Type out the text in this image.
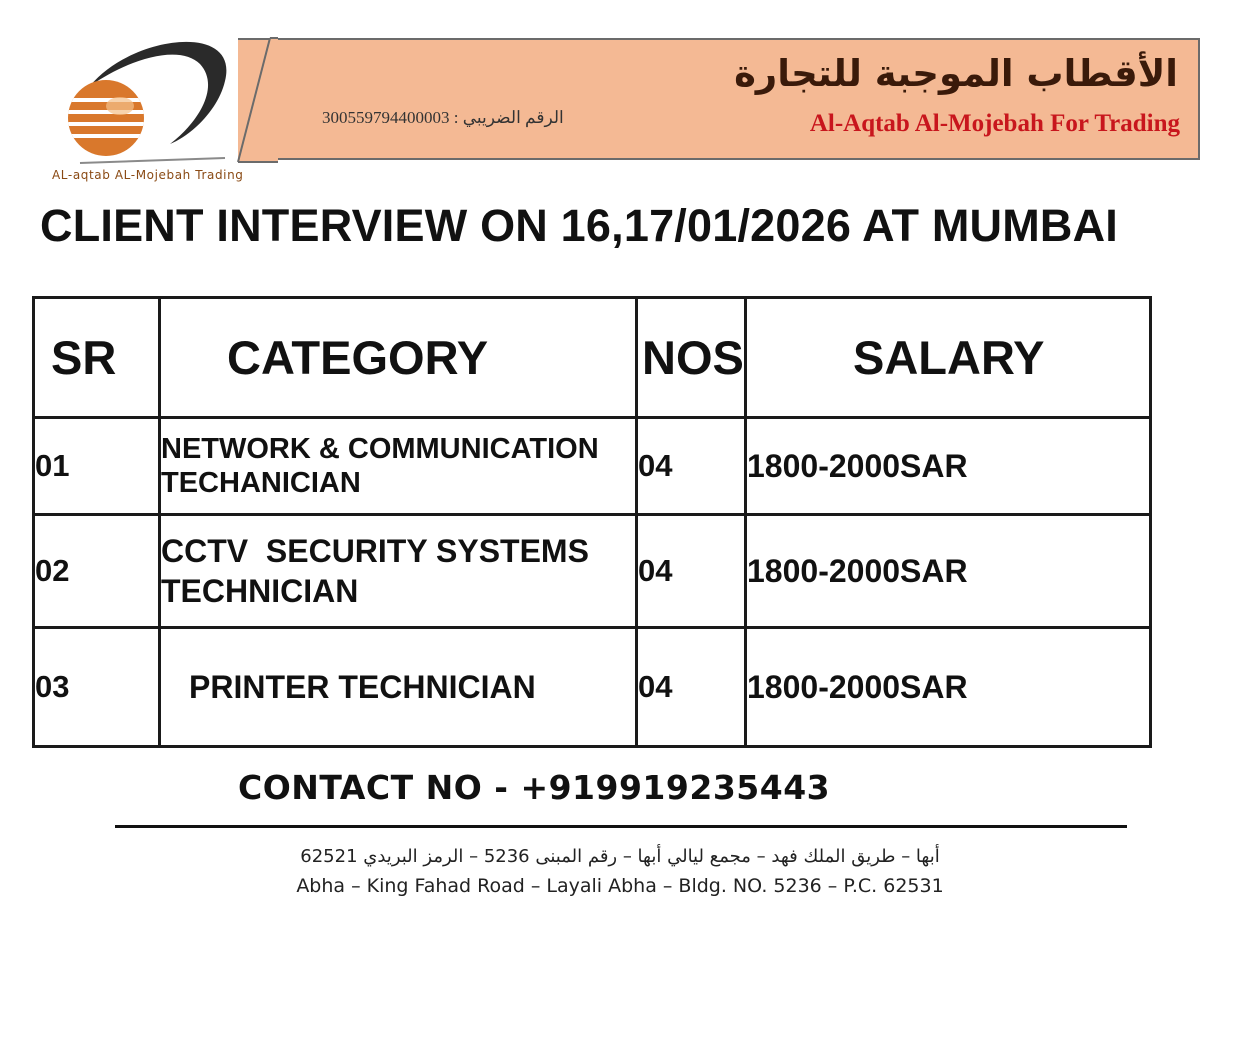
AL-aqtab AL-Mojebah Trading
300559794400003 : الرقم الضريبي
الأقطاب الموجبة للتجارة
Al-Aqtab Al-Mojebah For Trading
CLIENT INTERVIEW ON 16,17/01/2026 AT MUMBAI
SR	CATEGORY	NOS	SALARY
01	NETWORK & COMMUNICATION
TECHANICIAN	04	1800-2000SAR
02	CCTV  SECURITY SYSTEMS
TECHNICIAN	04	1800-2000SAR
03	PRINTER TECHNICIAN	04	1800-2000SAR
CONTACT NO - +919919235443
أبها – طريق الملك فهد – مجمع ليالي أبها – رقم المبنى 5236 – الرمز البريدي 62521
Abha – King Fahad Road – Layali Abha – Bldg. NO. 5236 – P.C. 62531
